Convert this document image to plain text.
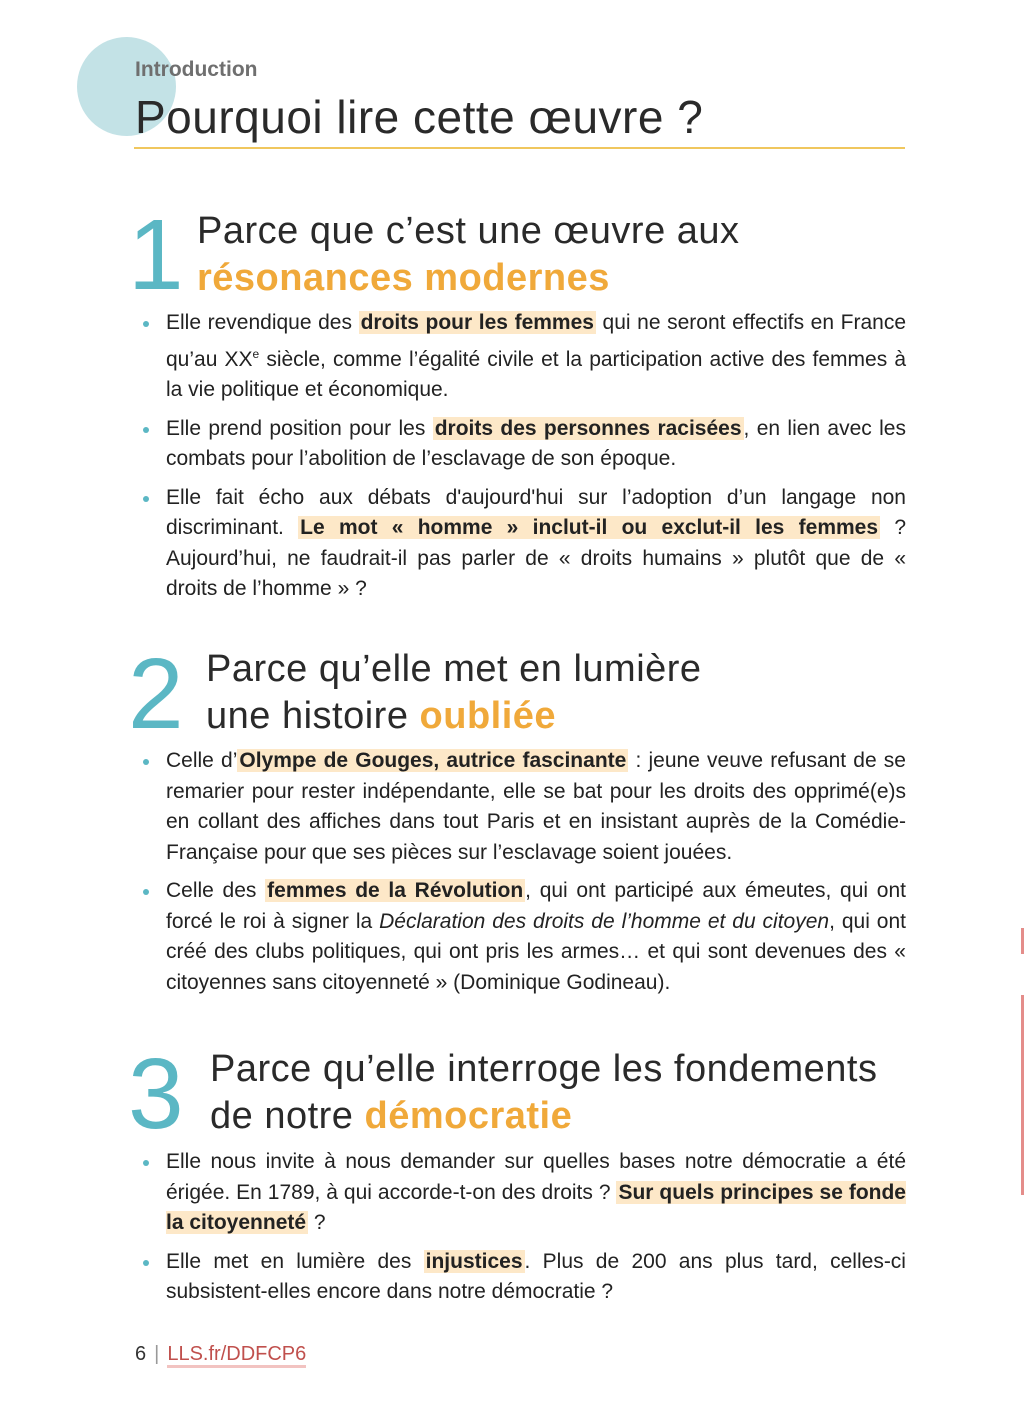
Introduction
Pourquoi lire cette œuvre ?
1 Parce que c’est une œuvre aux
résonances modernes
Elle revendique des droits pour les femmes qui ne seront effectifs en France qu’au XXe siècle, comme l’égalité civile et la participation active des femmes à la vie politique et économique.
Elle prend position pour les droits des personnes racisées, en lien avec les combats pour l’abolition de l’esclavage de son époque.
Elle fait écho aux débats d'aujourd'hui sur l’adoption d’un langage non discriminant. Le mot « homme » inclut-il ou exclut-il les femmes ? Aujourd’hui, ne faudrait-il pas parler de « droits humains » plutôt que de « droits de l’homme » ?
2 Parce qu’elle met en lumière
une histoire oubliée
Celle d’Olympe de Gouges, autrice fascinante : jeune veuve refusant de se remarier pour rester indépendante, elle se bat pour les droits des opprimé(e)s en collant des affiches dans tout Paris et en insistant auprès de la Comédie-Française pour que ses pièces sur l’esclavage soient jouées.
Celle des femmes de la Révolution, qui ont participé aux émeutes, qui ont forcé le roi à signer la Déclaration des droits de l’homme et du citoyen, qui ont créé des clubs politiques, qui ont pris les armes… et qui sont devenues des « citoyennes sans citoyenneté » (Dominique Godineau).
3 Parce qu’elle interroge les fondements
de notre démocratie
Elle nous invite à nous demander sur quelles bases notre démocratie a été érigée. En 1789, à qui accorde-t-on des droits ? Sur quels principes se fonde la citoyenneté ?
Elle met en lumière des injustices. Plus de 200 ans plus tard, celles-ci subsistent-elles encore dans notre démocratie ?
6 | LLS.fr/DDFCP6
